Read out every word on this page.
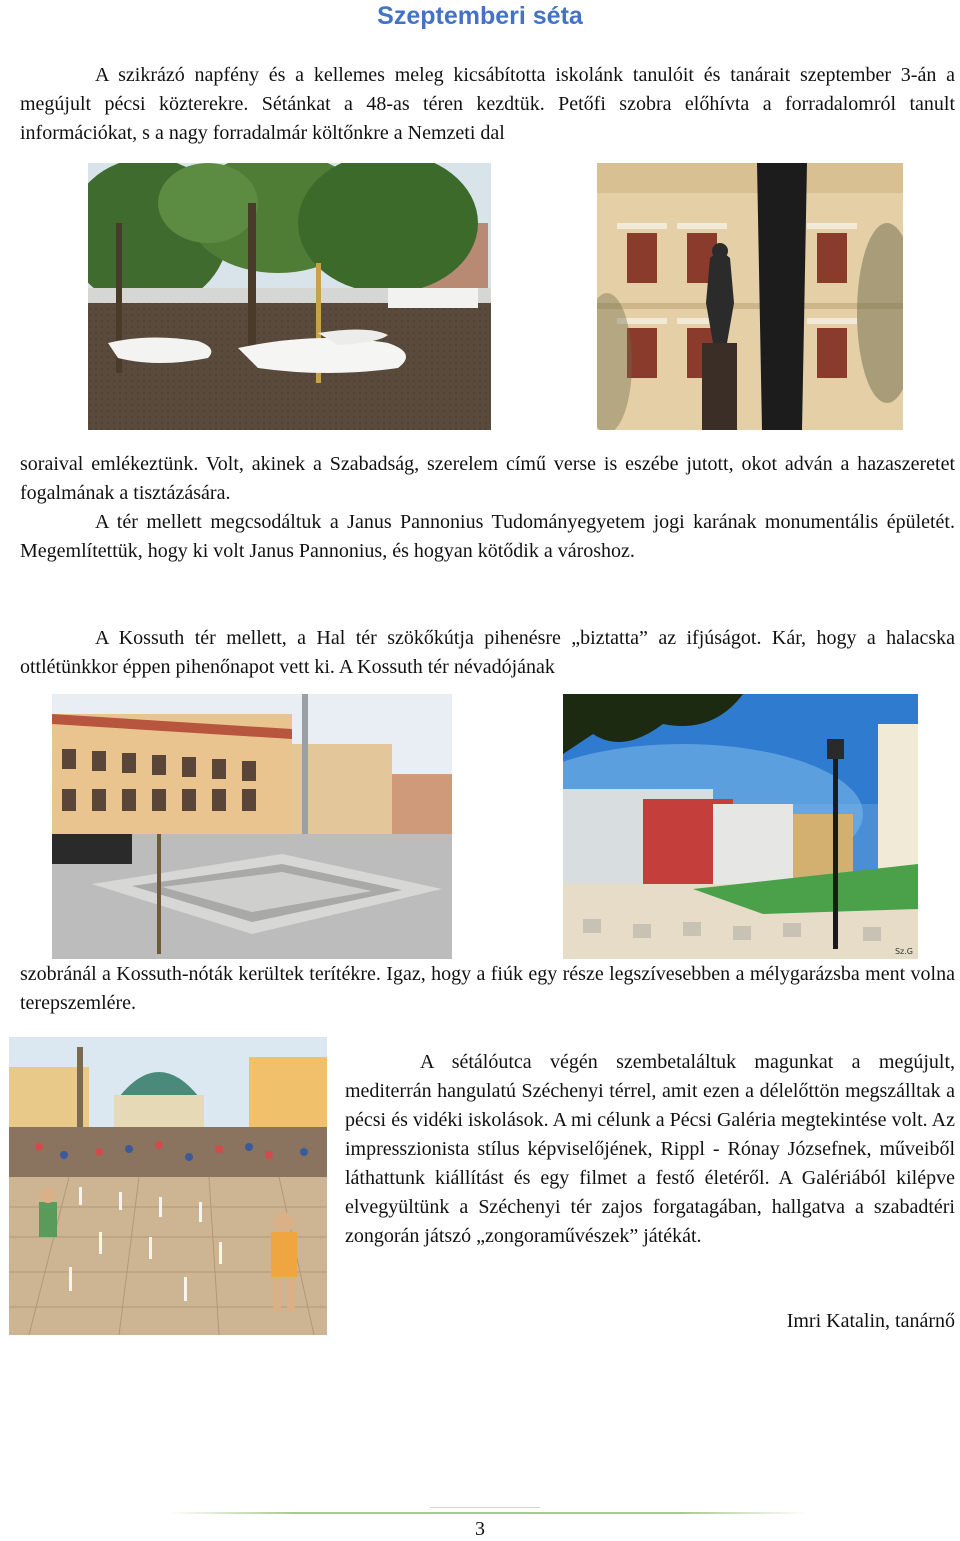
Szeptemberi séta

A szikrázó napfény és a kellemes meleg kicsábította iskolánk tanulóit és tanárait szeptember 3-án a megújult pécsi közterekre. Sétánkat a 48-as téren kezdtük. Petőfi szobra előhívta a forradalomról tanult információkat, s a nagy forradalmár költőnkre a Nemzeti dal

soraival emlékeztünk. Volt, akinek a Szabadság, szerelem című verse is eszébe jutott, okot adván a hazaszeretet fogalmának a tisztázására.

A tér mellett megcsodáltuk a Janus Pannonius Tudományegyetem jogi karának monumentális épületét. Megemlítettük, hogy ki volt Janus Pannonius, és hogyan kötődik a városhoz.

A Kossuth tér mellett, a Hal tér szökőkútja pihenésre „biztatta” az ifjúságot. Kár, hogy a halacska ottlétünkkor éppen pihenőnapot vett ki. A Kossuth tér névadójának

Sz.G

szobránál a Kossuth-nóták kerültek terítékre. Igaz, hogy a fiúk egy része legszívesebben a mélygarázsba ment volna terepszemlére.

A sétálóutca végén szembetaláltuk magunkat a megújult, mediterrán hangulatú Széchenyi térrel, amit ezen a délelőttön megszálltak a pécsi és vidéki iskolások. A mi célunk a Pécsi Galéria megtekintése volt. Az impresszionista stílus képviselőjének, Rippl - Rónay Józsefnek, műveiből láthattunk kiállítást és egy filmet a festő életéről. A Galériából kilépve elvegyültünk a Széchenyi tér zajos forgatagában, hallgatva a szabadtéri zongorán játszó „zongoraművészek” játékát.

Imri Katalin, tanárnő
3
